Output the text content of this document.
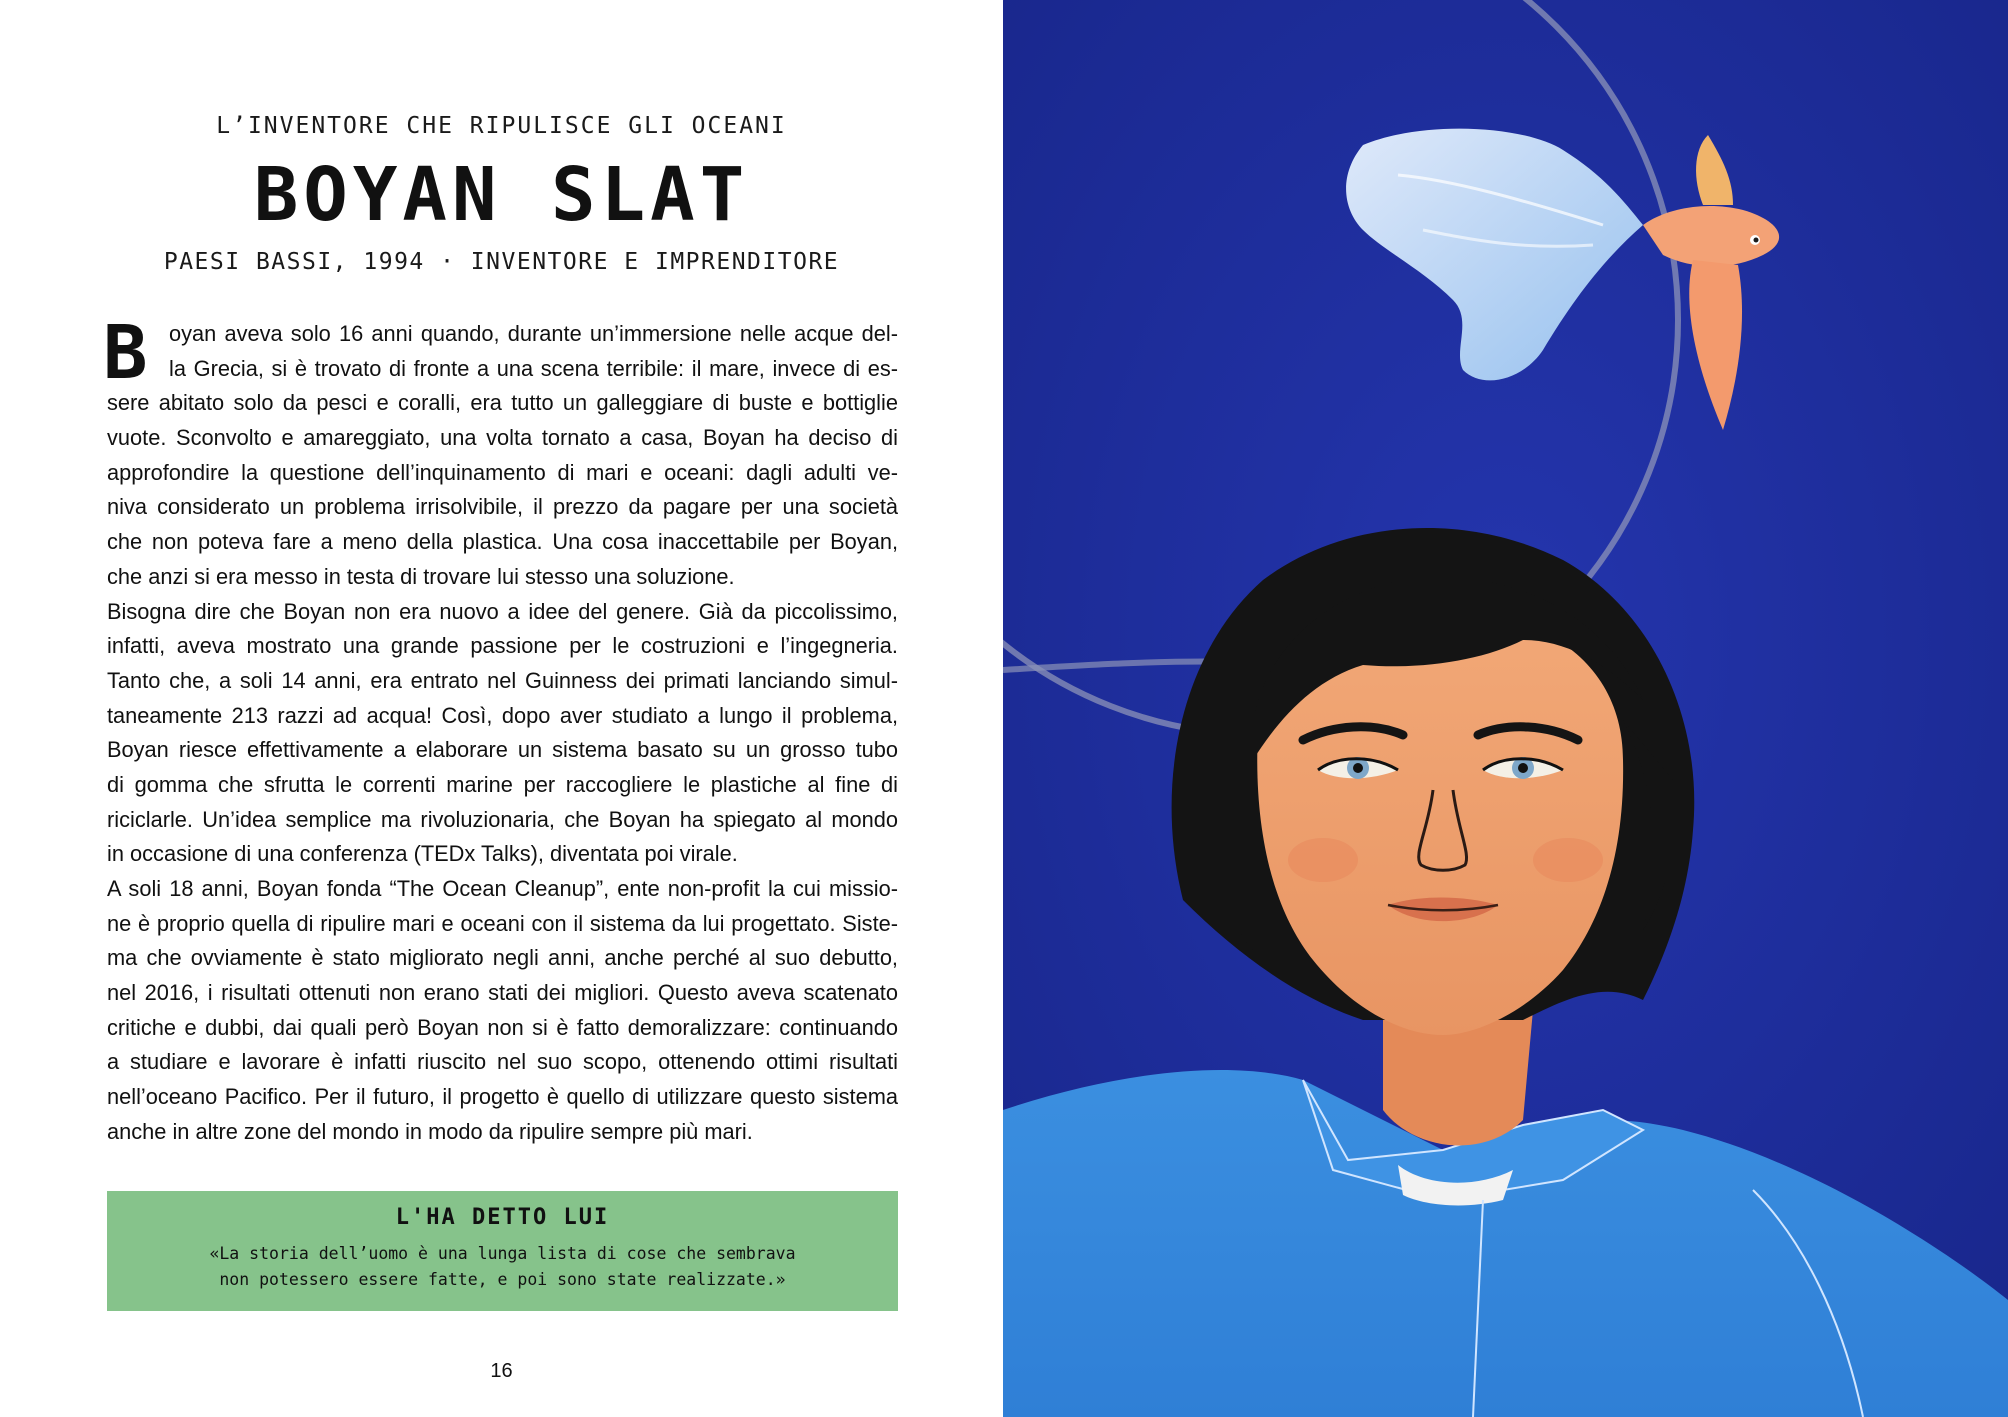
L’INVENTORE CHE RIPULISCE GLI OCEANI
BOYAN SLAT
PAESI BASSI, 1994 · INVENTORE E IMPRENDITORE
B oyan aveva solo 16 anni quando, durante un’immersione nelle acque del-
la Grecia, si è trovato di fronte a una scena terribile: il mare, invece di es-
sere abitato solo da pesci e coralli, era tutto un galleggiare di buste e bottiglie
vuote. Sconvolto e amareggiato, una volta tornato a casa, Boyan ha deciso di
approfondire la questione dell’inquinamento di mari e oceani: dagli adulti ve-
niva considerato un problema irrisolvibile, il prezzo da pagare per una società
che non poteva fare a meno della plastica. Una cosa inaccettabile per Boyan,
che anzi si era messo in testa di trovare lui stesso una soluzione.
Bisogna dire che Boyan non era nuovo a idee del genere. Già da piccolissimo,
infatti, aveva mostrato una grande passione per le costruzioni e l’ingegneria.
Tanto che, a soli 14 anni, era entrato nel Guinness dei primati lanciando simul-
taneamente 213 razzi ad acqua! Così, dopo aver studiato a lungo il problema,
Boyan riesce effettivamente a elaborare un sistema basato su un grosso tubo
di gomma che sfrutta le correnti marine per raccogliere le plastiche al fine di
riciclarle. Un’idea semplice ma rivoluzionaria, che Boyan ha spiegato al mondo
in occasione di una conferenza (TEDx Talks), diventata poi virale.
A soli 18 anni, Boyan fonda “The Ocean Cleanup”, ente non-profit la cui missio-
ne è proprio quella di ripulire mari e oceani con il sistema da lui progettato. Siste-
ma che ovviamente è stato migliorato negli anni, anche perché al suo debutto,
nel 2016, i risultati ottenuti non erano stati dei migliori. Questo aveva scatenato
critiche e dubbi, dai quali però Boyan non si è fatto demoralizzare: continuando
a studiare e lavorare è infatti riuscito nel suo scopo, ottenendo ottimi risultati
nell’oceano Pacifico. Per il futuro, il progetto è quello di utilizzare questo sistema
anche in altre zone del mondo in modo da ripulire sempre più mari.
L'HA DETTO LUI
«La storia dell’uomo è una lunga lista di cose che sembrava
non potessero essere fatte, e poi sono state realizzate.»
16
